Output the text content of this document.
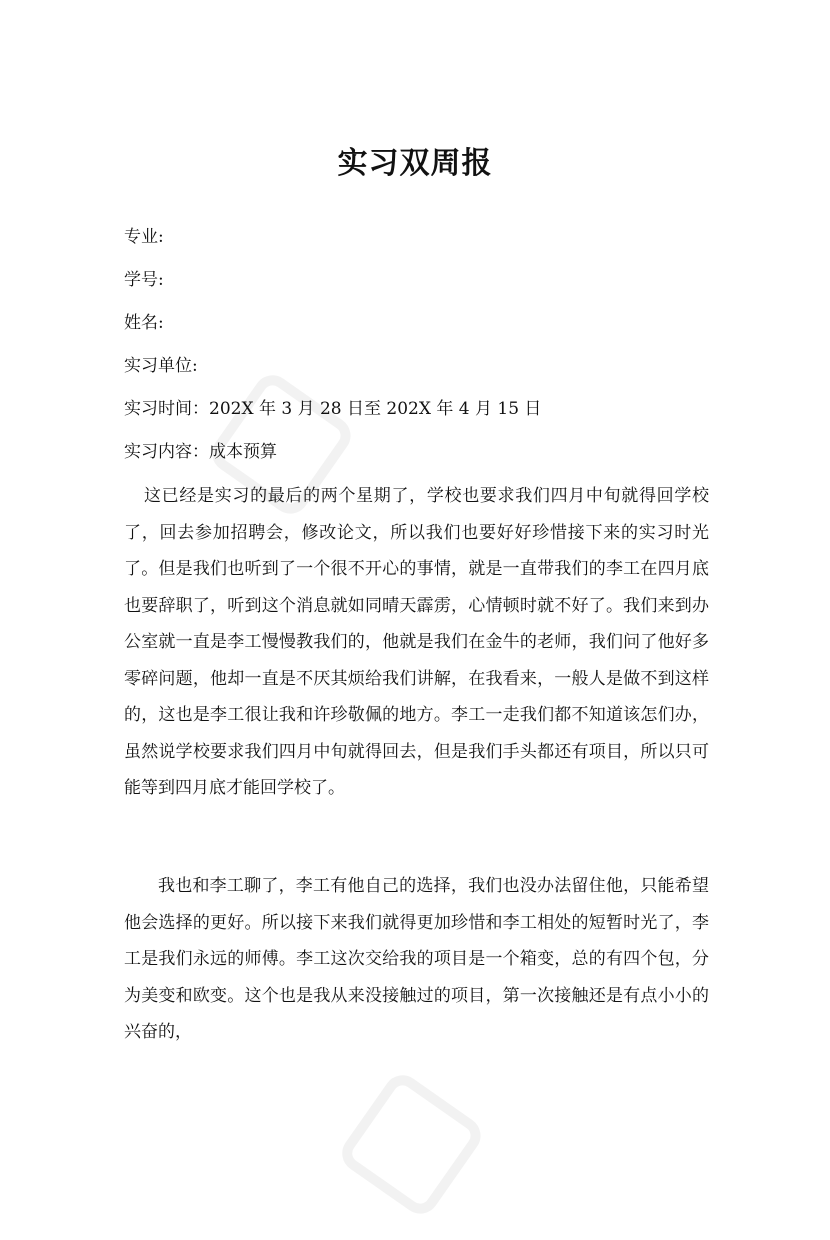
实习双周报
专业:
学号:
姓名:
实习单位:
实习时间：202X 年 3 月 28 日至 202X 年 4 月 15 日
实习内容：成本预算
这已经是实习的最后的两个星期了，学校也要求我们四月中旬就得回学校了，回去参加招聘会，修改论文，所以我们也要好好珍惜接下来的实习时光了。但是我们也听到了一个很不开心的事情，就是一直带我们的李工在四月底也要辞职了，听到这个消息就如同晴天霹雳，心情顿时就不好了。我们来到办公室就一直是李工慢慢教我们的，他就是我们在金牛的老师，我们问了他好多零碎问题，他却一直是不厌其烦给我们讲解，在我看来，一般人是做不到这样的，这也是李工很让我和许珍敬佩的地方。李工一走我们都不知道该怎们办，虽然说学校要求我们四月中旬就得回去，但是我们手头都还有项目，所以只可能等到四月底才能回学校了。
我也和李工聊了，李工有他自己的选择，我们也没办法留住他，只能希望他会选择的更好。所以接下来我们就得更加珍惜和李工相处的短暂时光了，李工是我们永远的师傅。李工这次交给我的项目是一个箱变，总的有四个包，分为美变和欧变。这个也是我从来没接触过的项目，第一次接触还是有点小小的兴奋的，
